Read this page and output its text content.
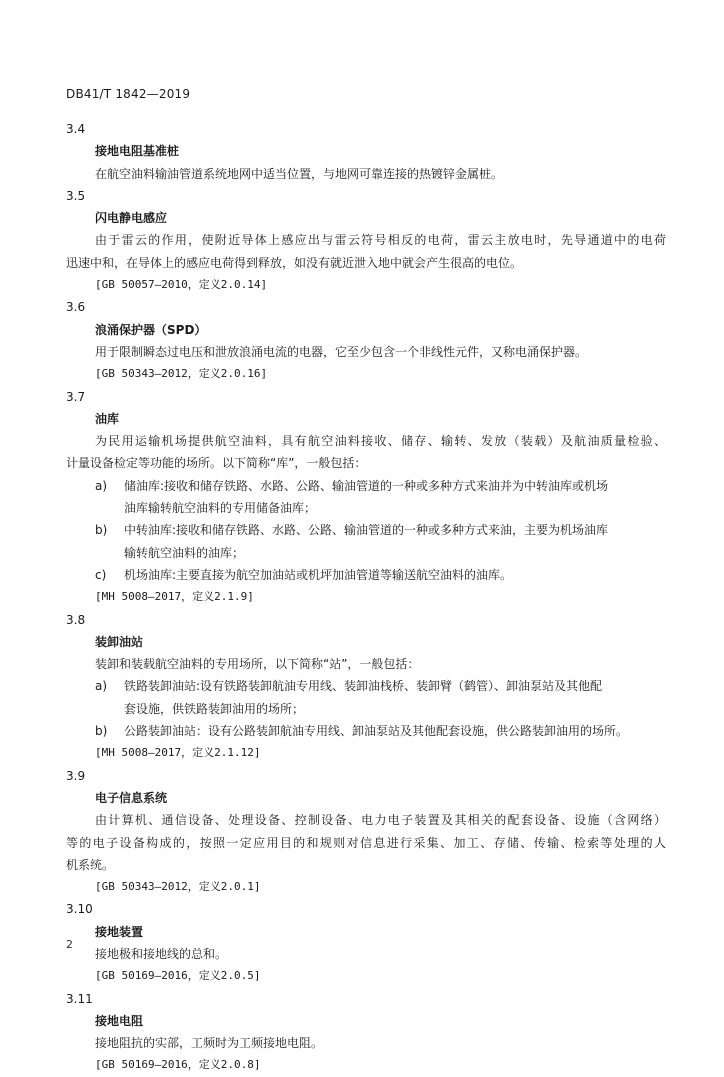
DB41/T 1842—2019
3.4
接地电阻基准桩
在航空油料输油管道系统地网中适当位置，与地网可靠连接的热镀锌金属桩。
3.5
闪电静电感应
由于雷云的作用，使附近导体上感应出与雷云符号相反的电荷，雷云主放电时，先导通道中的电荷
迅速中和，在导体上的感应电荷得到释放，如没有就近泄入地中就会产生很高的电位。
[GB 50057—2010，定义2.0.14]
3.6
浪涌保护器（SPD）
用于限制瞬态过电压和泄放浪涌电流的电器，它至少包含一个非线性元件，又称电涌保护器。
[GB 50343—2012，定义2.0.16]
3.7
油库
为民用运输机场提供航空油料，具有航空油料接收、储存、输转、发放（装载）及航油质量检验、
计量设备检定等功能的场所。以下简称“库”，一般包括：
a) 储油库:接收和储存铁路、水路、公路、输油管道的一种或多种方式来油并为中转油库或机场
油库输转航空油料的专用储备油库；
b) 中转油库:接收和储存铁路、水路、公路、输油管道的一种或多种方式来油，主要为机场油库
输转航空油料的油库；
c) 机场油库:主要直接为航空加油站或机坪加油管道等输送航空油料的油库。
[MH 5008—2017，定义2.1.9]
3.8
装卸油站
装卸和装载航空油料的专用场所，以下简称“站”，一般包括：
a) 铁路装卸油站:设有铁路装卸航油专用线、装卸油栈桥、装卸臂（鹤管）、卸油泵站及其他配
套设施，供铁路装卸油用的场所；
b) 公路装卸油站：设有公路装卸航油专用线、卸油泵站及其他配套设施，供公路装卸油用的场所。
[MH 5008—2017，定义2.1.12]
3.9
电子信息系统
由计算机、通信设备、处理设备、控制设备、电力电子装置及其相关的配套设备、设施（含网络）
等的电子设备构成的，按照一定应用目的和规则对信息进行采集、加工、存储、传输、检索等处理的人
机系统。
[GB 50343—2012，定义2.0.1]
3.10
接地装置
接地极和接地线的总和。
[GB 50169—2016，定义2.0.5]
3.11
接地电阻
接地阻抗的实部，工频时为工频接地电阻。
[GB 50169—2016，定义2.0.8]
2
